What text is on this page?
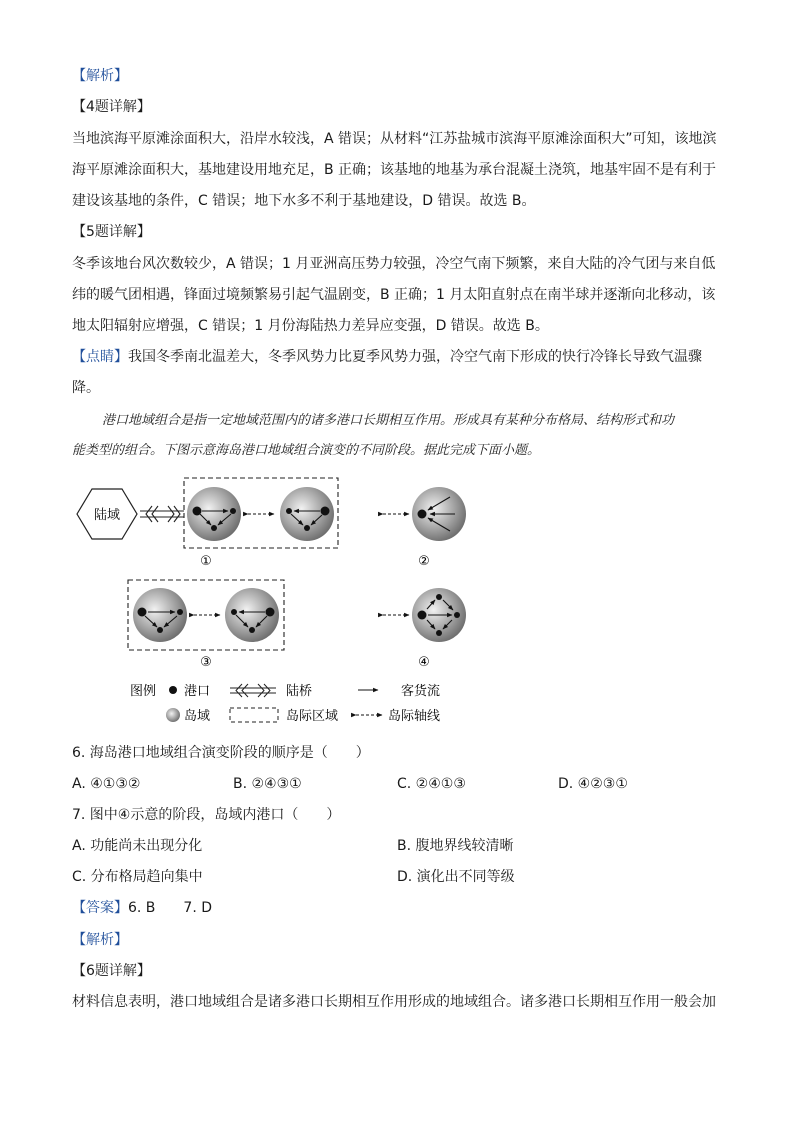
【解析】
【4题详解】
当地滨海平原滩涂面积大，沿岸水较浅，A 错误；从材料“江苏盐城市滨海平原滩涂面积大”可知，该地滨
海平原滩涂面积大，基地建设用地充足，B 正确；该基地的地基为承台混凝土浇筑，地基牢固不是有利于
建设该基地的条件，C 错误；地下水多不利于基地建设，D 错误。故选 B。
【5题详解】
冬季该地台风次数较少，A 错误；1 月亚洲高压势力较强，冷空气南下频繁，来自大陆的冷气团与来自低
纬的暖气团相遇，锋面过境频繁易引起气温剧变，B 正确；1 月太阳直射点在南半球并逐渐向北移动，该
地太阳辐射应增强，C 错误；1 月份海陆热力差异应变强，D 错误。故选 B。
【点睛】我国冬季南北温差大，冬季风势力比夏季风势力强，冷空气南下形成的快行冷锋长导致气温骤
降。
港口地域组合是指一定地域范围内的诸多港口长期相互作用。形成具有某种分布格局、结构形式和功
能类型的组合。下图示意海岛港口地域组合演变的不同阶段。据此完成下面小题。
陆域
①	②
③	④
图例 港口	陆桥	客货流
岛域	岛际区域	岛际轴线
6. 海岛港口地域组合演变阶段的顺序是（　　）
A. ④①③②	B. ②④③①	C. ②④①③	D. ④②③①
7. 图中④示意的阶段，岛域内港口（　　）
A. 功能尚未出现分化	B. 腹地界线较清晰
C. 分布格局趋向集中	D. 演化出不同等级
【答案】6. B　　7. D
【解析】
【6题详解】
材料信息表明，港口地域组合是诸多港口长期相互作用形成的地域组合。诸多港口长期相互作用一般会加
